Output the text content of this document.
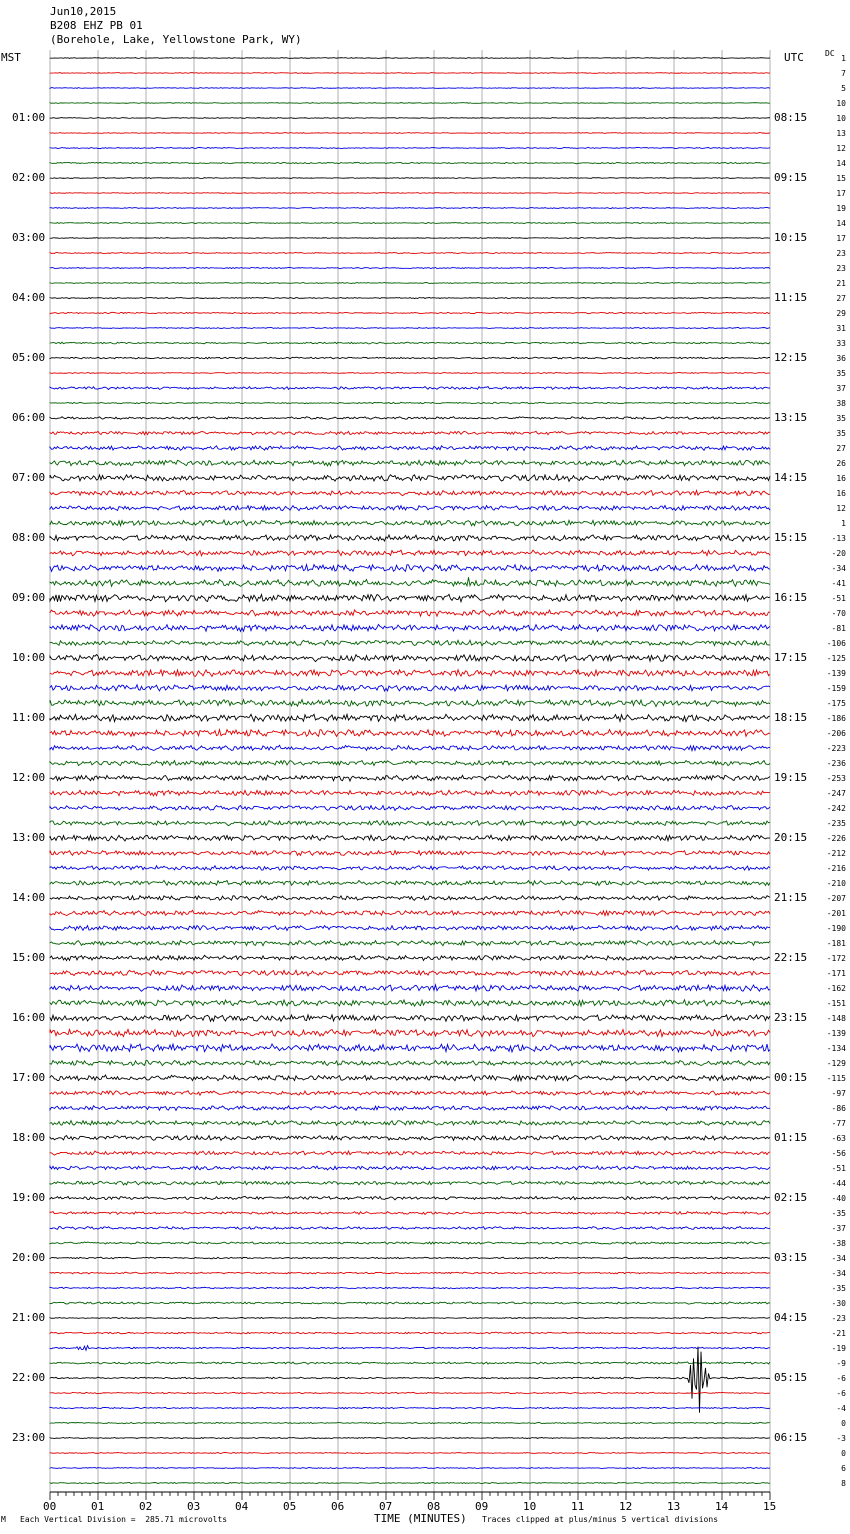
Jun10,2015
B208 EHZ PB 01
(Borehole, Lake, Yellowstone Park, WY)
MST	UTC	DC
01:00
02:00
03:00
04:00
05:00
06:00
07:00
08:00
09:00
10:00
11:00
12:00
13:00
14:00
15:00
16:00
17:00
18:00
19:00
20:00
21:00
22:00
23:00
08:15
09:15
10:15
11:15
12:15
13:15
14:15
15:15
16:15
17:15
18:15
19:15
20:15
21:15
22:15
23:15
00:15
01:15
02:15
03:15
04:15
05:15
06:15
1
7
5
10
10
13
12
14
15
17
19
14
17
23
23
21
27
29
31
33
36
35
37
38
35
35
27
26
16
16
12
1
-13
-20
-34
-41
-51
-70
-81
-106
-125
-139
-159
-175
-186
-206
-223
-236
-253
-247
-242
-235
-226
-212
-216
-210
-207
-201
-190
-181
-172
-171
-162
-151
-148
-139
-134
-129
-115
-97
-86
-77
-63
-56
-51
-44
-40
-35
-37
-38
-34
-34
-35
-30
-23
-21
-19
-9
-6
-6
-4
0
-3
0
6
8
00	01	02	03	04	05	06	07	08	09	10	11	12	13	14	15
TIME (MINUTES)
M Each Vertical Division =  285.71 microvolts	Traces clipped at plus/minus 5 vertical divisions
